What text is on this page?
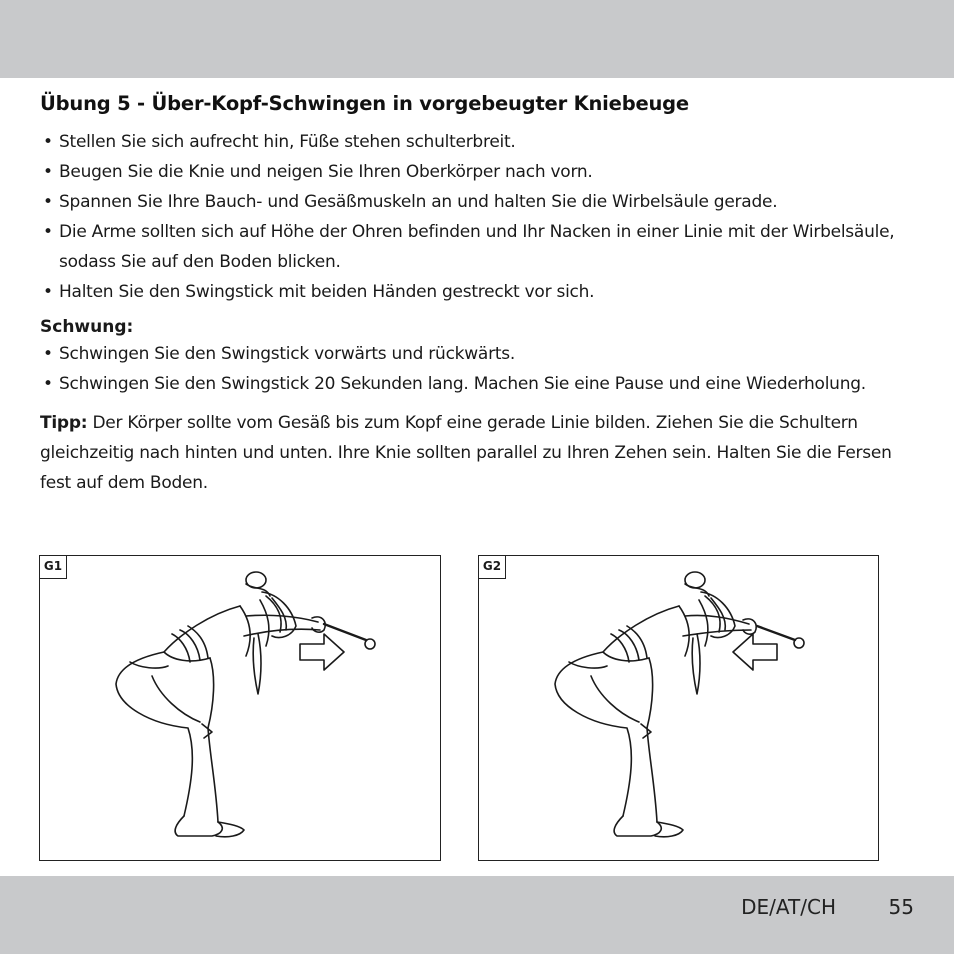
Übung 5 - Über-Kopf-Schwingen in vorgebeugter Kniebeuge
• Stellen Sie sich aufrecht hin, Füße stehen schulterbreit.
• Beugen Sie die Knie und neigen Sie Ihren Oberkörper nach vorn.
• Spannen Sie Ihre Bauch- und Gesäßmuskeln an und halten Sie die Wirbelsäule gerade.
• Die Arme sollten sich auf Höhe der Ohren befinden und Ihr Nacken in einer Linie mit der Wirbelsäule, sodass Sie auf den Boden blicken.
• Halten Sie den Swingstick mit beiden Händen gestreckt vor sich.
Schwung:
• Schwingen Sie den Swingstick vorwärts und rückwärts.
• Schwingen Sie den Swingstick 20 Sekunden lang. Machen Sie eine Pause und eine Wiederholung.

Tipp: Der Körper sollte vom Gesäß bis zum Kopf eine gerade Linie bilden. Ziehen Sie die Schultern gleichzeitig nach hinten und unten. Ihre Knie sollten parallel zu Ihren Zehen sein. Halten Sie die Fersen fest auf dem Boden.

G1	G2
DE/AT/CH	55
